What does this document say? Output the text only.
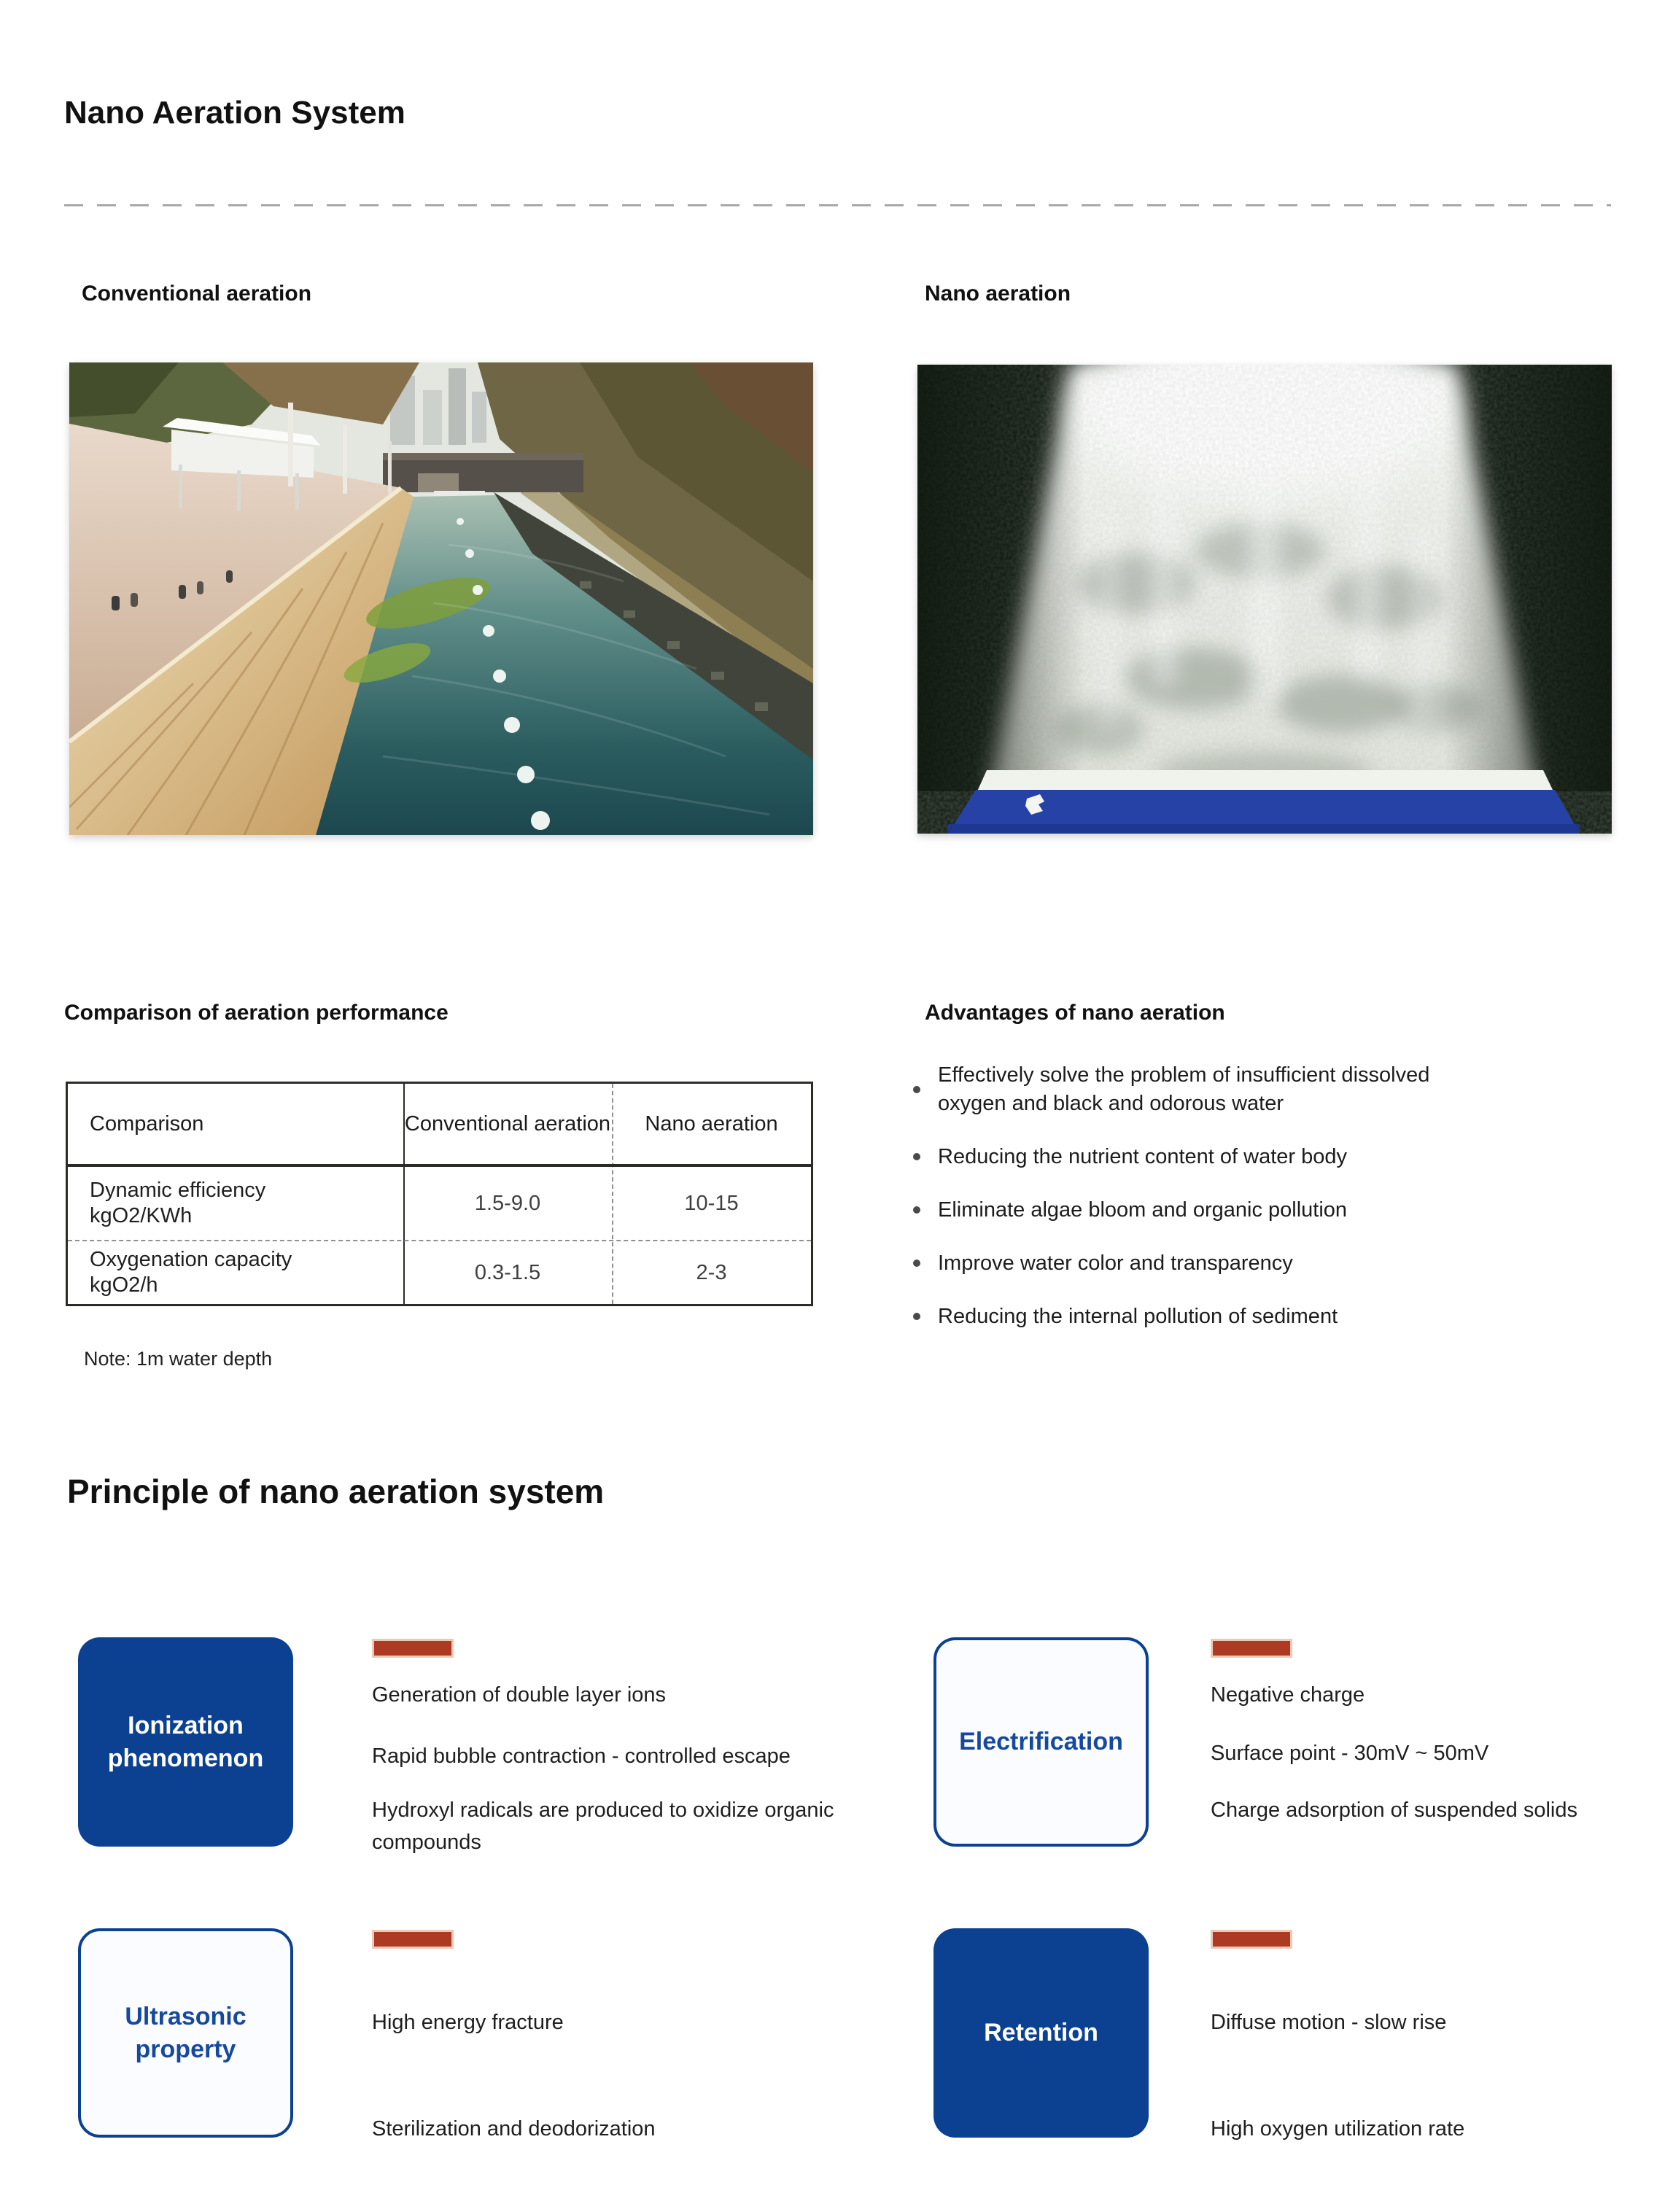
Nano Aeration System
Conventional aeration	Nano aeration
Comparison of aeration performance
Comparison	Conventional aeration	Nano aeration
Dynamic efficiency
kgO2/KWh
1.5-9.0	10-15
Oxygenation capacity
kgO2/h
0.3-1.5	2-3
Note: 1m water depth
Advantages of nano aeration
Effectively solve the problem of insufficient dissolved oxygen and black and odorous water
Reducing the nutrient content of water body
Eliminate algae bloom and organic pollution
Improve water color and transparency
Reducing the internal pollution of sediment
Principle of nano aeration system
Ionization phenomenon
Generation of double layer ions
Rapid bubble contraction - controlled escape
Hydroxyl radicals are produced to oxidize organic compounds
Electrification
Negative charge
Surface point - 30mV ~ 50mV
Charge adsorption of suspended solids
Ultrasonic property
High energy fracture
Sterilization and deodorization
Retention	Diffuse motion - slow rise
High oxygen utilization rate
